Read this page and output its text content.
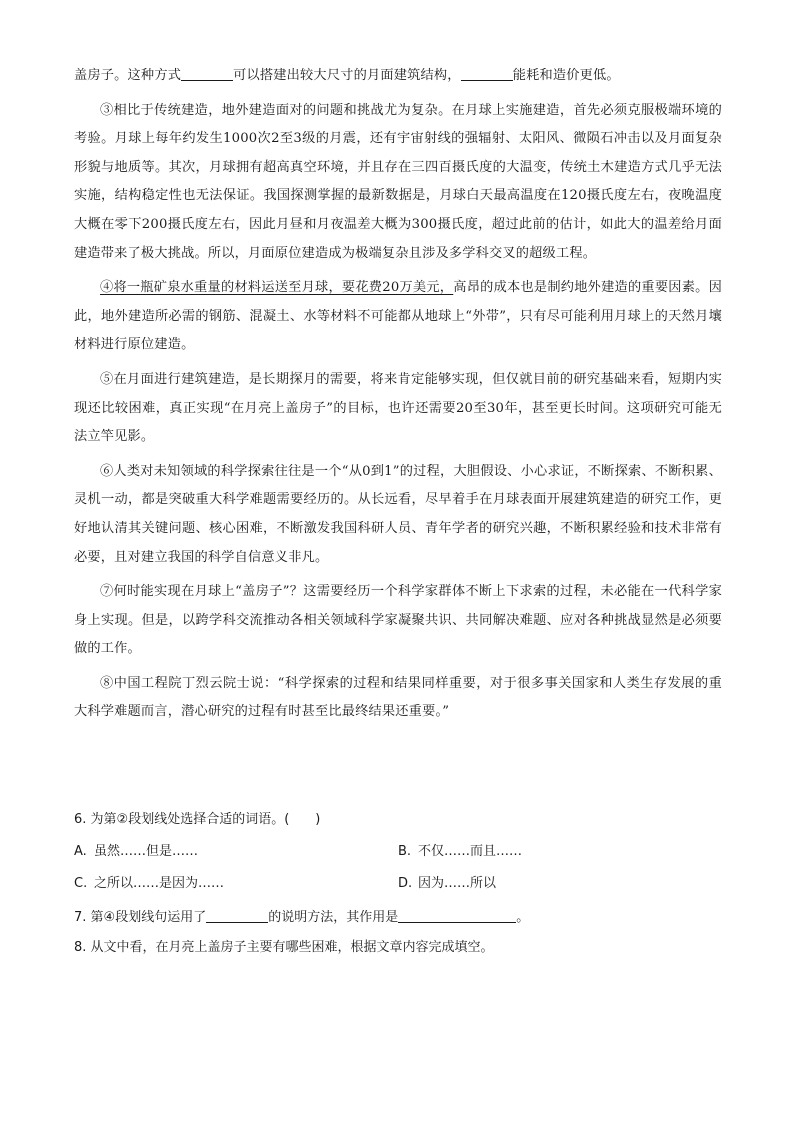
盖房子。这种方式	可以搭建出较大尺寸的月面建筑结构，	能耗和造价更低。

③相比于传统建造，地外建造面对的问题和挑战尤为复杂。在月球上实施建造，首先必须克服极端环境的考验。月球上每年约发生1000次2至3级的月震，还有宇宙射线的强辐射、太阳风、微陨石冲击以及月面复杂形貌与地质等。其次，月球拥有超高真空环境，并且存在三四百摄氏度的大温变，传统土木建造方式几乎无法实施，结构稳定性也无法保证。我国探测掌握的最新数据是，月球白天最高温度在120摄氏度左右，夜晚温度大概在零下200摄氏度左右，因此月昼和月夜温差大概为300摄氏度，超过此前的估计，如此大的温差给月面建造带来了极大挑战。所以，月面原位建造成为极端复杂且涉及多学科交叉的超级工程。

④将一瓶矿泉水重量的材料运送至月球，要花费20万美元，高昂的成本也是制约地外建造的重要因素。因此，地外建造所必需的钢筋、混凝土、水等材料不可能都从地球上“外带”，只有尽可能利用月球上的天然月壤材料进行原位建造。

⑤在月面进行建筑建造，是长期探月的需要，将来肯定能够实现，但仅就目前的研究基础来看，短期内实现还比较困难，真正实现“在月亮上盖房子”的目标，也许还需要20至30年，甚至更长时间。这项研究可能无法立竿见影。

⑥人类对未知领域的科学探索往往是一个“从0到1”的过程，大胆假设、小心求证，不断探索、不断积累、灵机一动，都是突破重大科学难题需要经历的。从长远看，尽早着手在月球表面开展建筑建造的研究工作，更好地认清其关键问题、核心困难，不断激发我国科研人员、青年学者的研究兴趣，不断积累经验和技术非常有必要，且对建立我国的科学自信意义非凡。

⑦何时能实现在月球上“盖房子”？这需要经历一个科学家群体不断上下求索的过程，未必能在一代科学家身上实现。但是，以跨学科交流推动各相关领域科学家凝聚共识、共同解决难题、应对各种挑战显然是必须要做的工作。

⑧中国工程院丁烈云院士说：“科学探索的过程和结果同样重要，对于很多事关国家和人类生存发展的重大科学难题而言，潜心研究的过程有时甚至比最终结果还重要。”

6. 为第②段划线处选择合适的词语。(　　)
A. 虽然……但是……	B. 不仅……而且……
C. 之所以……是因为……	D. 因为……所以
7. 第④段划线句运用了	的说明方法，其作用是	。
8. 从文中看，在月亮上盖房子主要有哪些困难，根据文章内容完成填空。
